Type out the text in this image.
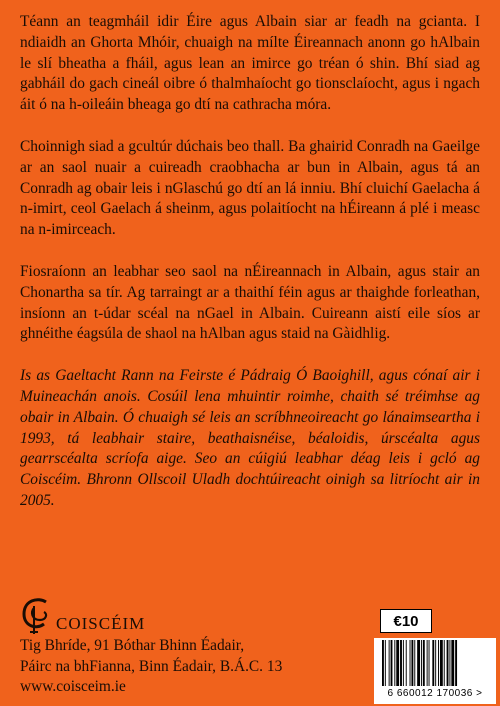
Téann an teagmháil idir Éire agus Albain siar ar feadh na gcianta. I ndiaidh an Ghorta Mhóir, chuaigh na mílte Éireannach anonn go hAlbain le slí bheatha a fháil, agus lean an imirce go tréan ó shin. Bhí siad ag gabháil do gach cineál oibre ó thalmhaíocht go tionsclaíocht, agus i ngach áit ó na h-oileáin bheaga go dtí na cathracha móra.

Choinnigh siad a gcultúr dúchais beo thall. Ba ghairid Conradh na Gaeilge ar an saol nuair a cuireadh craobhacha ar bun in Albain, agus tá an Conradh ag obair leis i nGlaschú go dtí an lá inniu. Bhí cluichí Gaelacha á n-imirt, ceol Gaelach á sheinm, agus polaitíocht na hÉireann á plé i measc na n-imirceach.

Fiosraíonn an leabhar seo saol na nÉireannach in Albain, agus stair an Chonartha sa tír. Ag tarraingt ar a thaithí féin agus ar thaighde forleathan, insíonn an t-údar scéal na nGael in Albain. Cuireann aistí eile síos ar ghnéithe éagsúla de shaol na hAlban agus staid na Gàidhlig.

Is as Gaeltacht Rann na Feirste é Pádraig Ó Baoighill, agus cónaí air i Muineachán anois. Cosúil lena mhuintir roimhe, chaith sé tréimhse ag obair in Albain. Ó chuaigh sé leis an scríbhneoireacht go lánaimseartha i 1993, tá leabhair staire, beathaisnéise, béaloidis, úrscéalta agus gearrscéalta scríofa aige. Seo an cúigiú leabhar déag leis i gcló ag Coiscéim. Bhronn Ollscoil Uladh dochtúireacht oinigh sa litríocht air in 2005.

COISCÉIM

Tig Bhríde, 91 Bóthar Bhinn Éadair,

Páirc na bhFianna, Binn Éadair, B.Á.C. 13

www.coisceim.ie

€10
6 660012 170036 >
